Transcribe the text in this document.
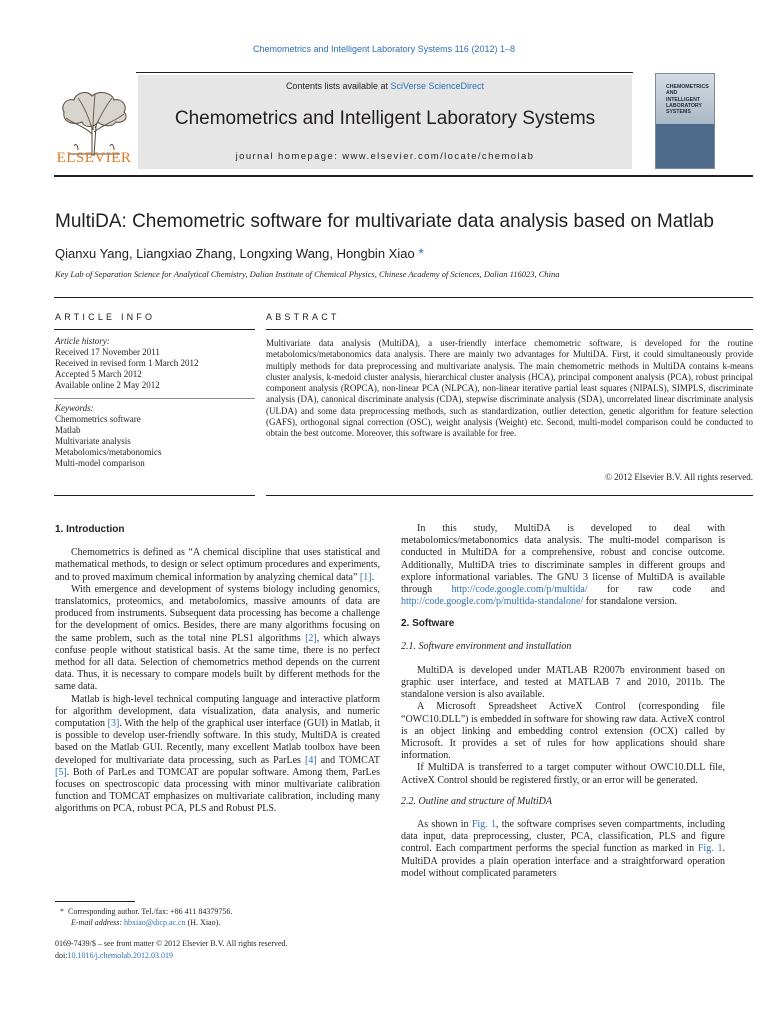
Chemometrics and Intelligent Laboratory Systems 116 (2012) 1–8
ELSEVIER
Contents lists available at SciVerse ScienceDirect
Chemometrics and Intelligent Laboratory Systems
journal homepage: www.elsevier.com/locate/chemolab
CHEMOMETRICS
AND INTELLIGENT
LABORATORY
SYSTEMS
MultiDA: Chemometric software for multivariate data analysis based on Matlab
Qianxu Yang, Liangxiao Zhang, Longxing Wang, Hongbin Xiao *
Key Lab of Separation Science for Analytical Chemistry, Dalian Institute of Chemical Physics, Chinese Academy of Sciences, Dalian 116023, China
ARTICLE INFO
Article history:
Received 17 November 2011
Received in revised form 1 March 2012
Accepted 5 March 2012
Available online 2 May 2012
Keywords:
Chemometrics software
Matlab
Multivariate analysis
Metabolomics/metabonomics
Multi-model comparison
ABSTRACT
Multivariate data analysis (MultiDA), a user-friendly interface chemometric software, is developed for the routine metabolomics/metabonomics data analysis. There are mainly two advantages for MultiDA. First, it could simultaneously provide multiply methods for data preprocessing and multivariate analysis. The main chemometric methods in MultiDA contains k-means cluster analysis, k-medoid cluster analysis, hierarchical cluster analysis (HCA), principal component analysis (PCA), robust principal component analysis (ROPCA), non-linear PCA (NLPCA), non-linear iterative partial least squares (NIPALS), SIMPLS, discriminate analysis (DA), canonical discriminate analysis (CDA), stepwise discriminate analysis (SDA), uncorrelated linear discriminate analysis (ULDA) and some data preprocessing methods, such as standardization, outlier detection, genetic algorithm for feature selection (GAFS), orthogonal signal correction (OSC), weight analysis (Weight) etc. Second, multi-model comparison could be conducted to obtain the best outcome. Moreover, this software is available for free.
© 2012 Elsevier B.V. All rights reserved.
1. Introduction

Chemometrics is defined as “A chemical discipline that uses statistical and mathematical methods, to design or select optimum procedures and experiments, and to proved maximum chemical information by analyzing chemical data” [1].

With emergence and development of systems biology including genomics, translatomics, proteomics, and metabolomics, massive amounts of data are produced from instruments. Subsequent data processing has become a challenge for the development of omics. Besides, there are many algorithms focusing on the same problem, such as the total nine PLS1 algorithms [2], which always confuse people without statistical basis. At the same time, there is no perfect method for all data. Selection of chemometrics method depends on the current data. Thus, it is necessary to compare models built by different methods for the same data.

Matlab is high-level technical computing language and interactive platform for algorithm development, data visualization, data analysis, and numeric computation [3]. With the help of the graphical user interface (GUI) in Matlab, it is possible to develop user-friendly software. In this study, MultiDA is created based on the Matlab GUI. Recently, many excellent Matlab toolbox have been developed for multivariate data processing, such as ParLes [4] and TOMCAT [5]. Both of ParLes and TOMCAT are popular software. Among them, ParLes focuses on spectroscopic data processing with minor multivariate calibration function and TOMCAT emphasizes on multivariate calibration, including many algorithms on PCA, robust PCA, PLS and Robust PLS.

* Corresponding author. Tel./fax: +86 411 84379756.
E-mail address: hbxiao@dicp.ac.cn (H. Xiao).
0169-7439/$ – see front matter © 2012 Elsevier B.V. All rights reserved.
doi:10.1016/j.chemolab.2012.03.019

In this study, MultiDA is developed to deal with metabolomics/metabonomics data analysis. The multi-model comparison is conducted in MultiDA for a comprehensive, robust and concise outcome. Additionally, MultiDA tries to discriminate samples in different groups and explore informational variables. The GNU 3 license of MultiDA is available through http://code.google.com/p/multida/ for raw code and http://code.google.com/p/multida-standalone/ for standalone version.

2. Software
2.1. Software environment and installation

MultiDA is developed under MATLAB R2007b environment based on graphic user interface, and tested at MATLAB 7 and 2010, 2011b. The standalone version is also available.

A Microsoft Spreadsheet ActiveX Control (corresponding file “OWC10.DLL”) is embedded in software for showing raw data. ActiveX control is an object linking and embedding control extension (OCX) called by Microsoft. It provides a set of rules for how applications should share information.

If MultiDA is transferred to a target computer without OWC10.DLL file, ActiveX Control should be registered firstly, or an error will be generated.

2.2. Outline and structure of MultiDA

As shown in Fig. 1, the software comprises seven compartments, including data input, data preprocessing, cluster, PCA, classification, PLS and figure control. Each compartment performs the special function as marked in Fig. 1. MultiDA provides a plain operation interface and a straightforward operation model without complicated parameters
